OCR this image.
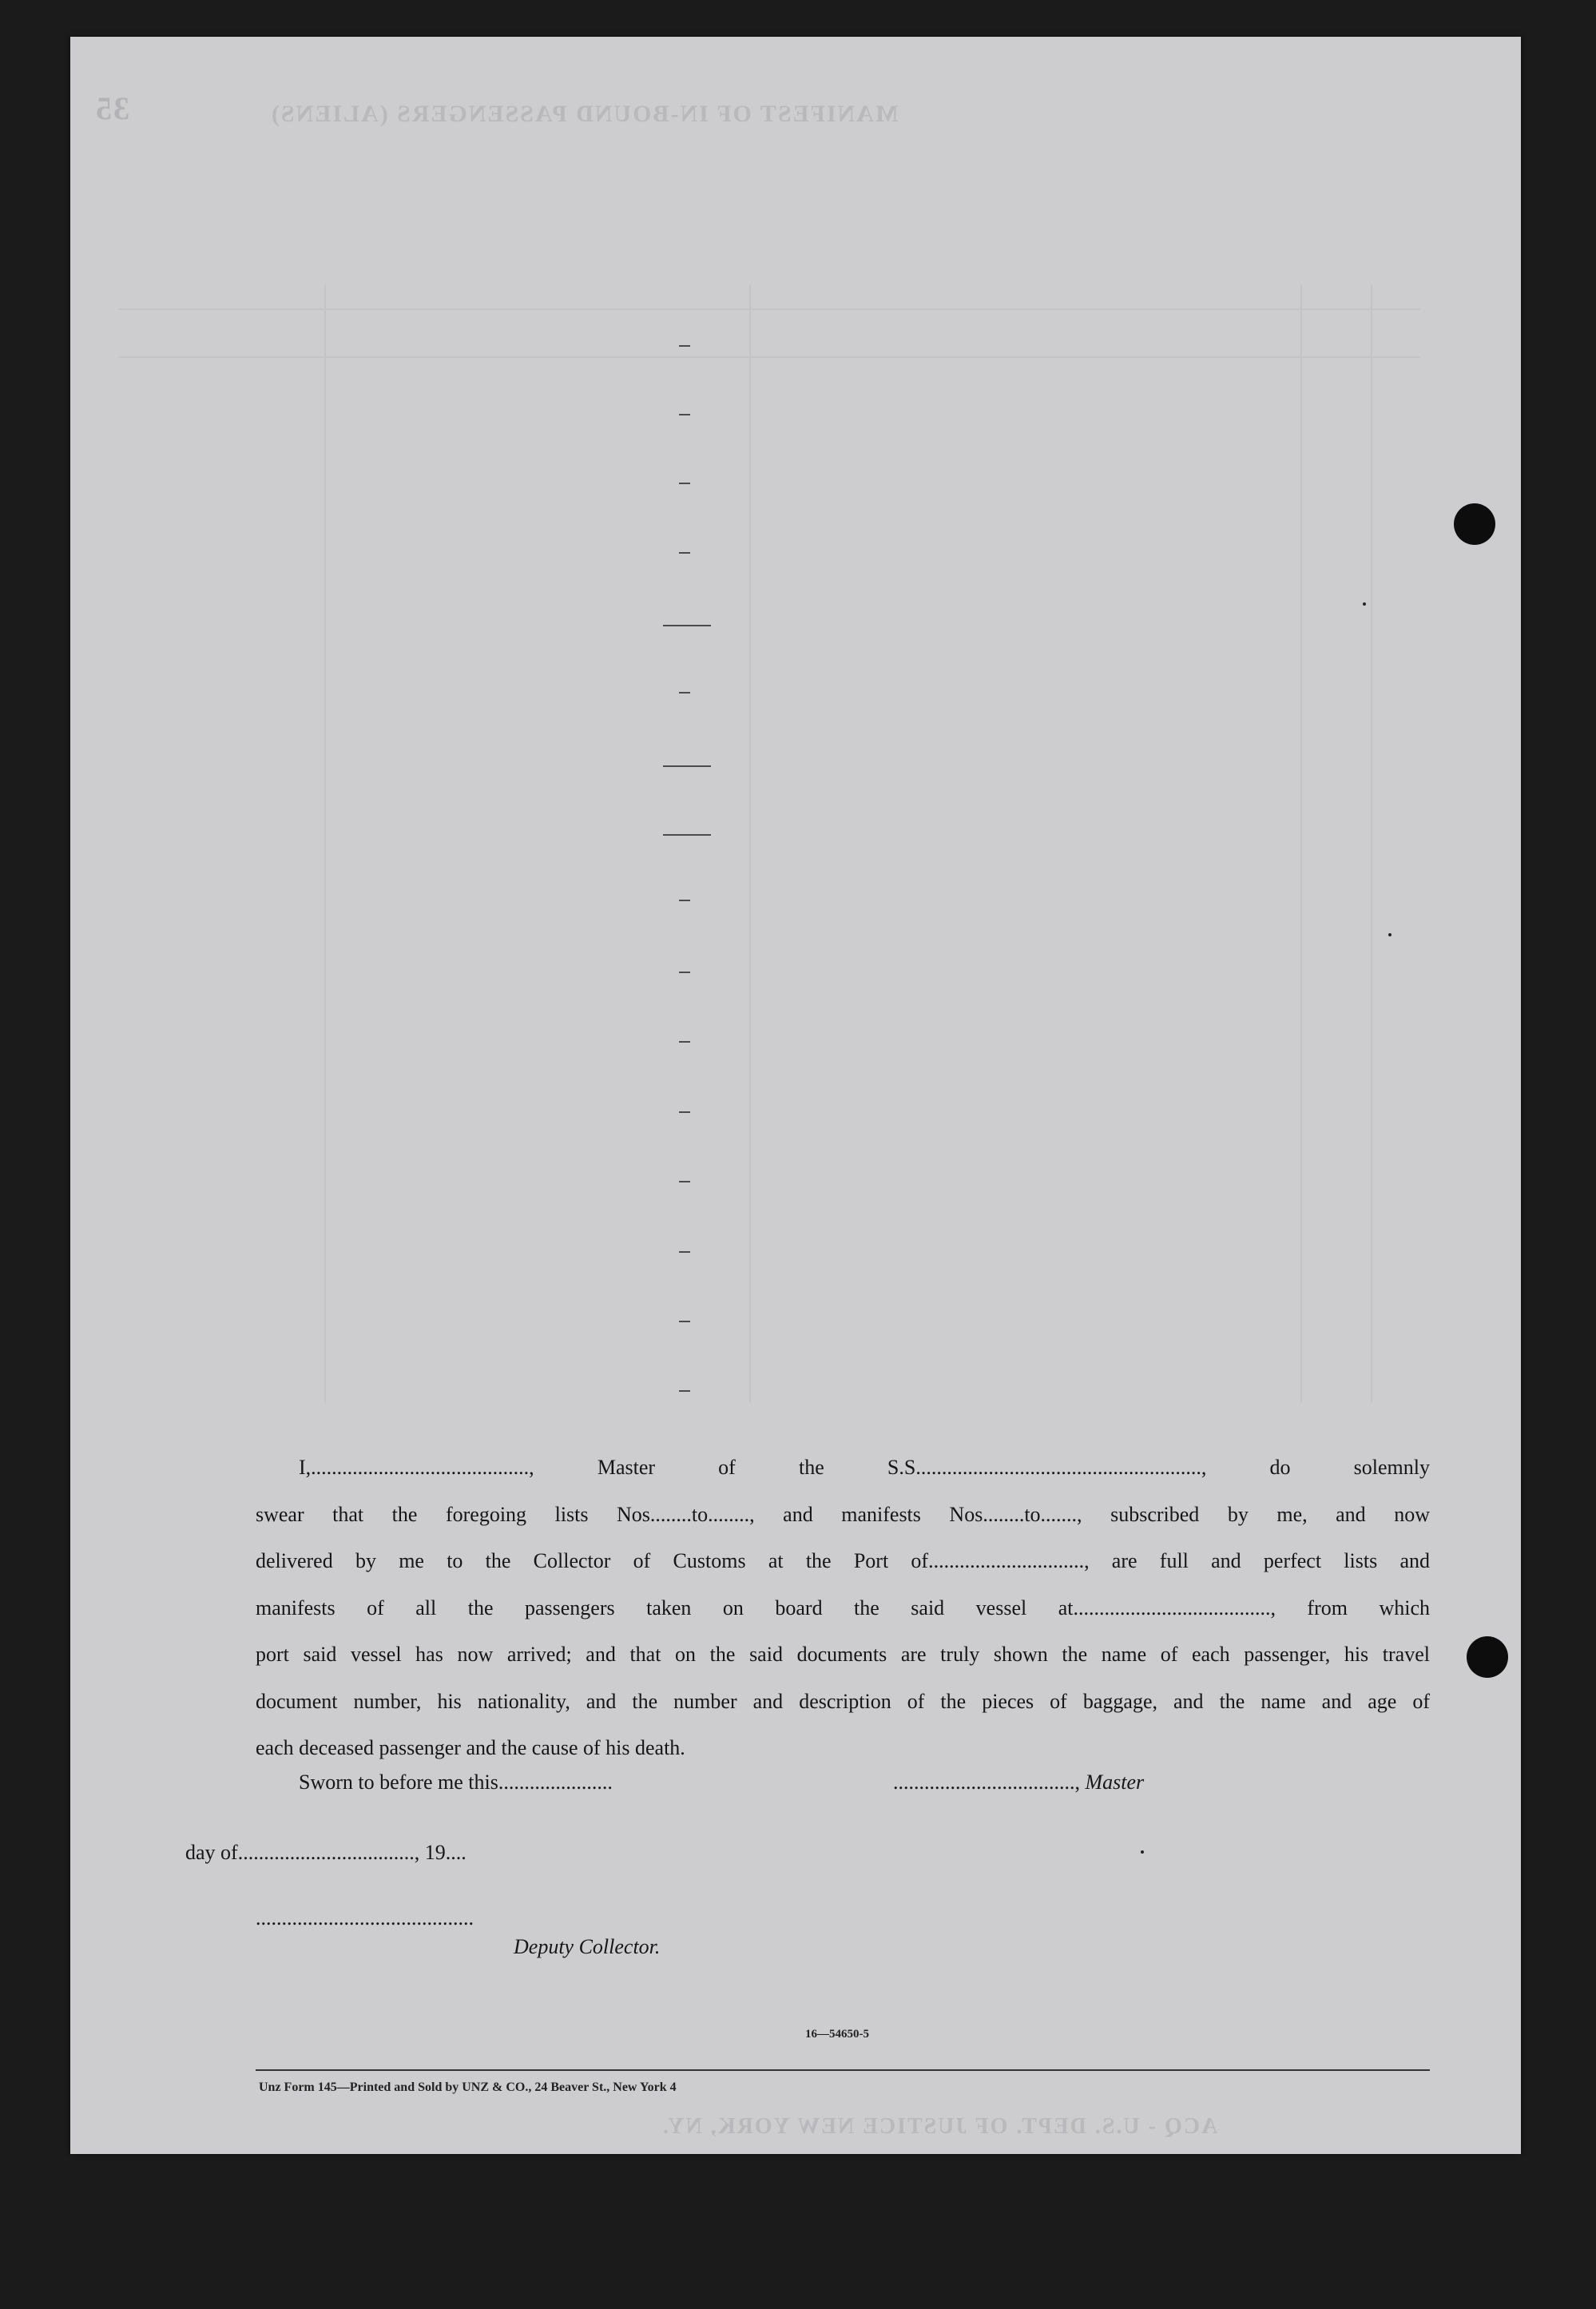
35	MANIFEST OF IN-BOUND PASSENGERS (ALIENS)

I,.........................................., Master of the S.S......................................................., do solemnly

swear that the foregoing lists Nos........to........, and manifests Nos........to......., subscribed by me, and now

delivered by me to the Collector of Customs at the Port of.............................., are full and perfect lists and

manifests of all the passengers taken on board the said vessel at......................................, from which

port said vessel has now arrived; and that on the said documents are truly shown the name of each passenger, his travel

document number, his nationality, and the number and description of the pieces of baggage, and the name and age of

each deceased passenger and the cause of his death.

Sworn to before me this......................	..................................., Master
day of.................................., 19....
..........................................
Deputy Collector.
16—54650-5
Unz Form 145—Printed and Sold by UNZ & CO., 24 Beaver St., New York 4
ACQ - U.S. DEPT. OF JUSTICE NEW YORK, NY.
